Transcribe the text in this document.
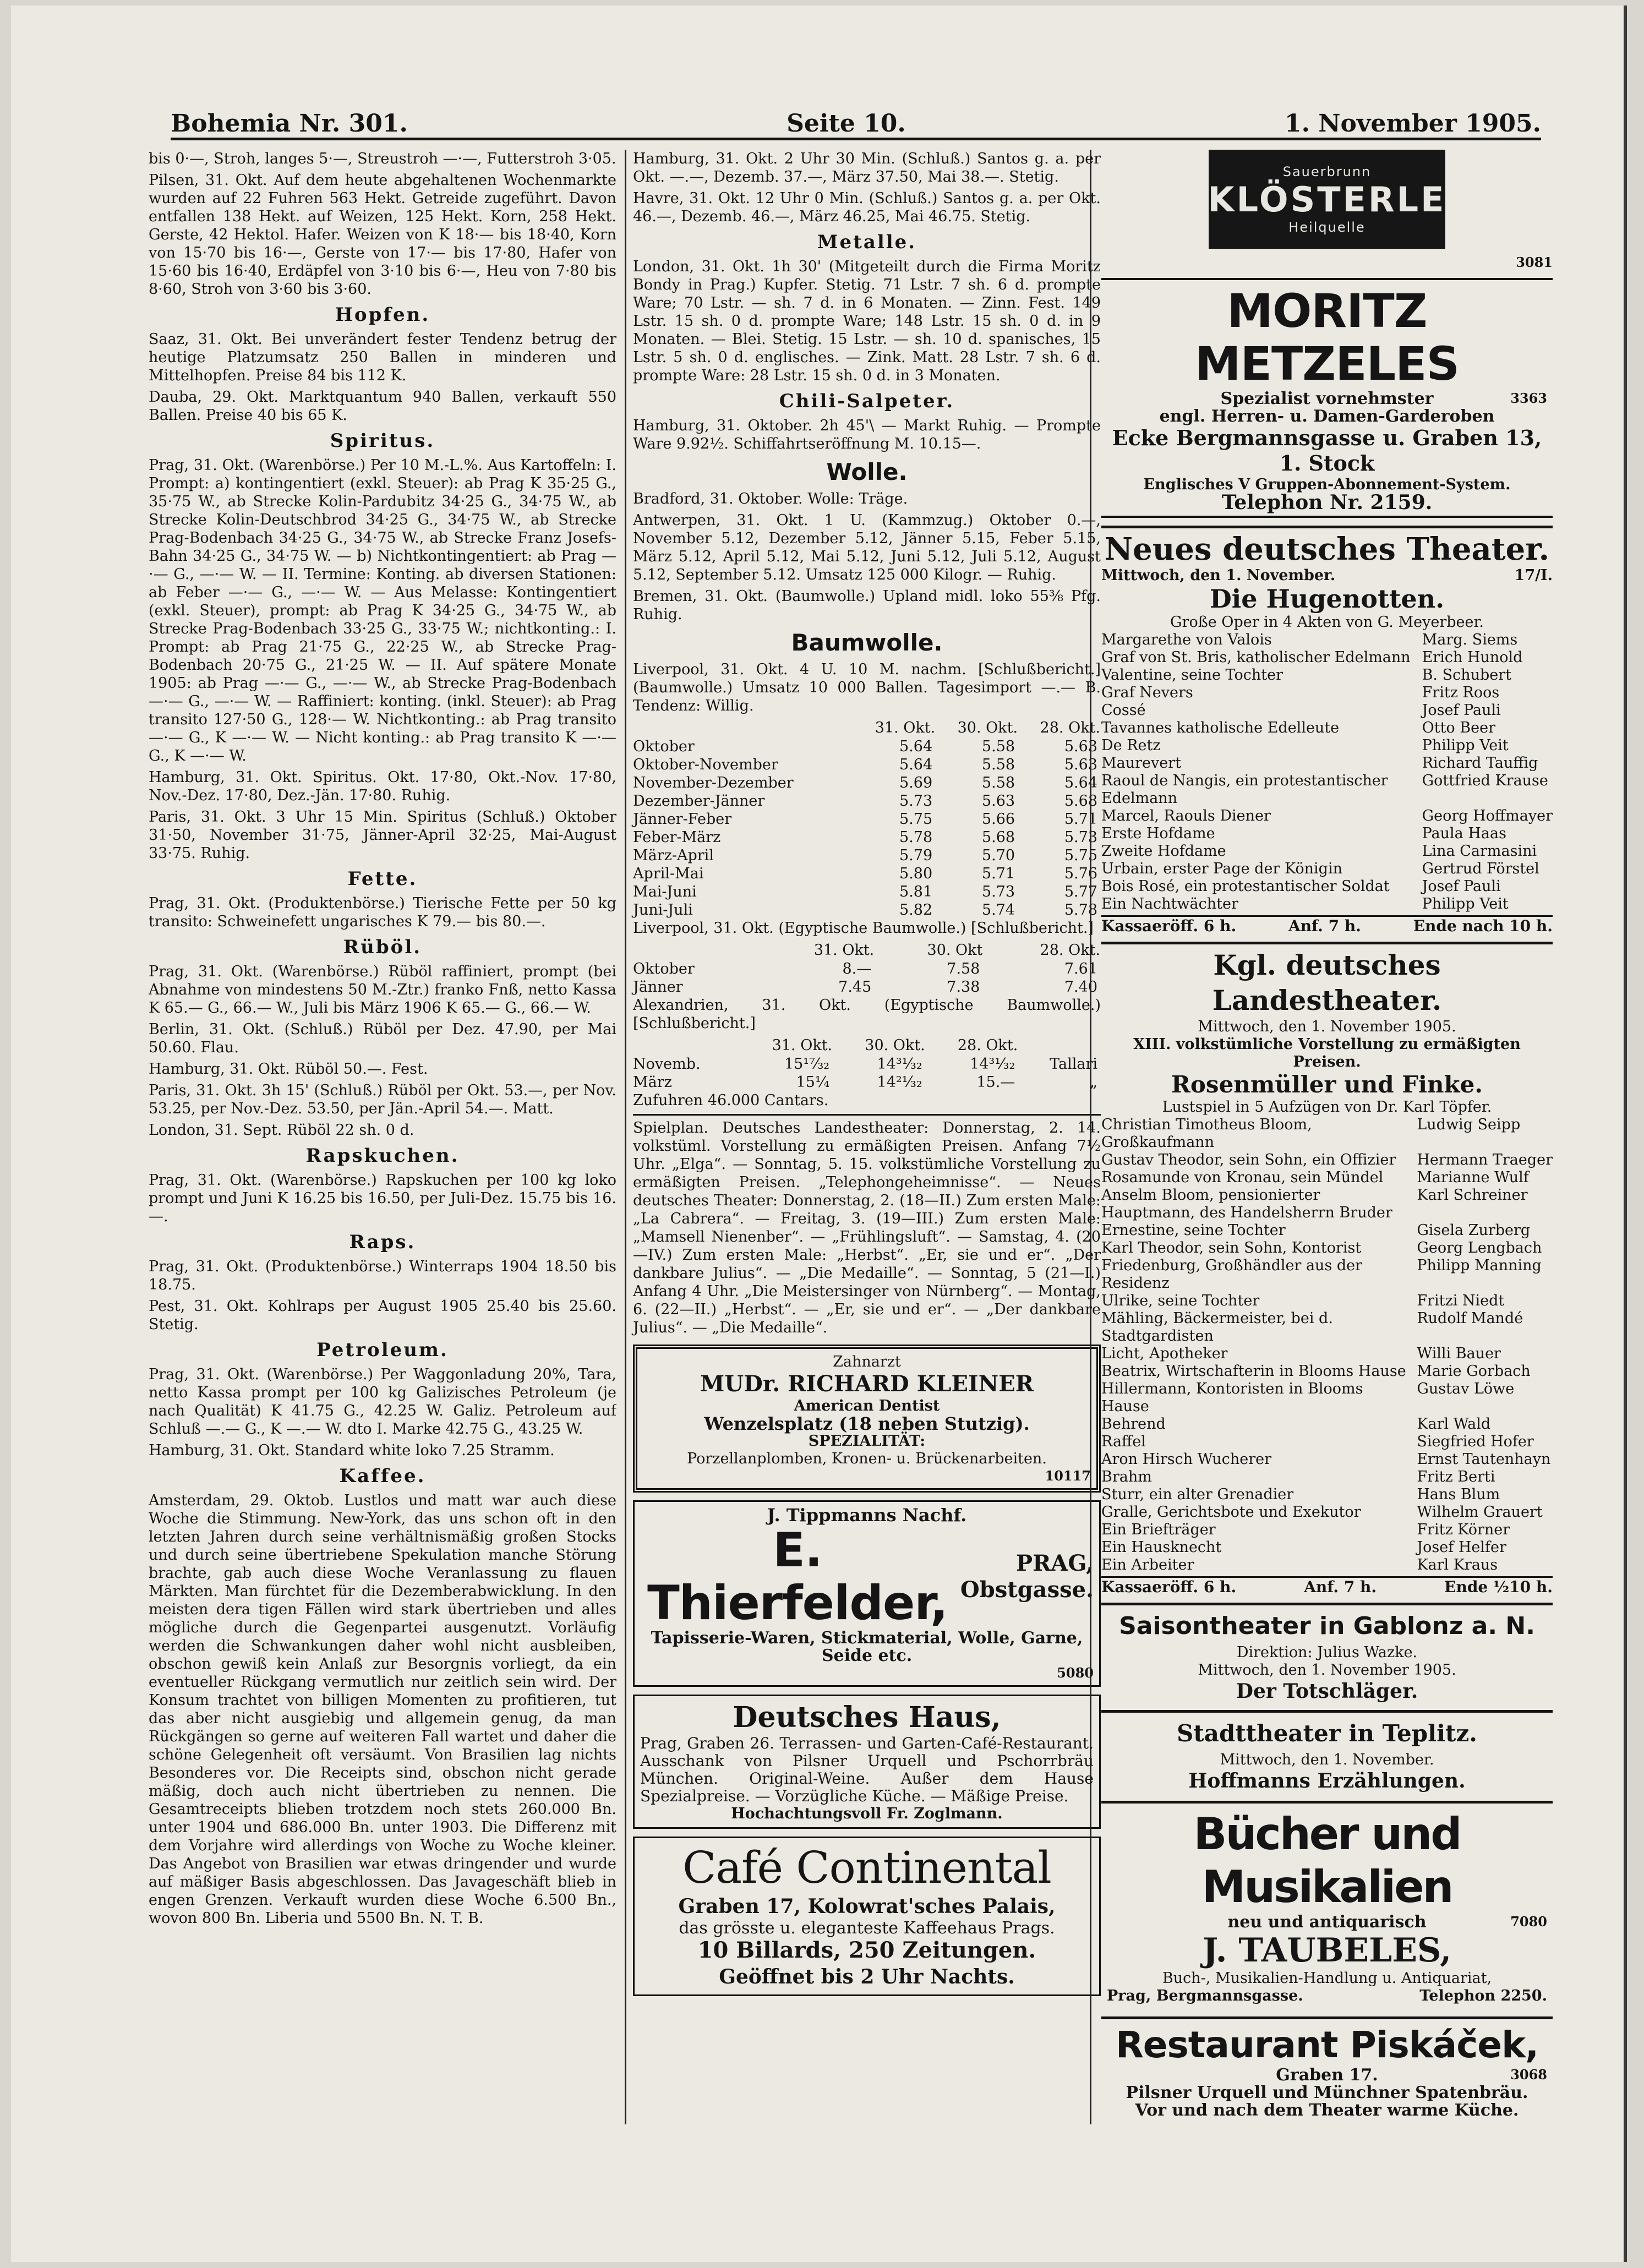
Bohemia Nr. 301.	Seite 10.	1. November 1905.

bis 0·—, Stroh, langes 5·—, Streustroh —·—, Futterstroh 3·05.

Pilsen, 31. Okt. Auf dem heute abgehaltenen Wochenmarkte wurden auf 22 Fuhren 563 Hekt. Getreide zugeführt. Davon entfallen 138 Hekt. auf Weizen, 125 Hekt. Korn, 258 Hekt. Gerste, 42 Hektol. Hafer. Weizen von K 18·— bis 18·40, Korn von 15·70 bis 16·—, Gerste von 17·— bis 17·80, Hafer von 15·60 bis 16·40, Erdäpfel von 3·10 bis 6·—, Heu von 7·80 bis 8·60, Stroh von 3·60 bis 3·60.

Hopfen.

Saaz, 31. Okt. Bei unverändert fester Tendenz betrug der heutige Platzumsatz 250 Ballen in minderen und Mittelhopfen. Preise 84 bis 112 K.

Dauba, 29. Okt. Marktquantum 940 Ballen, verkauft 550 Ballen. Preise 40 bis 65 K.

Spiritus.

Prag, 31. Okt. (Warenbörse.) Per 10 M.-L.%. Aus Kartoffeln: I. Prompt: a) kontingentiert (exkl. Steuer): ab Prag K 35·25 G., 35·75 W., ab Strecke Kolin-Pardubitz 34·25 G., 34·75 W., ab Strecke Kolin-Deutschbrod 34·25 G., 34·75 W., ab Strecke Prag-Bodenbach 34·25 G., 34·75 W., ab Strecke Franz Josefs-Bahn 34·25 G., 34·75 W. — b) Nichtkontingentiert: ab Prag —·— G., —·— W. — II. Termine: Konting. ab diversen Stationen: ab Feber —·— G., —·— W. — Aus Melasse: Kontingentiert (exkl. Steuer), prompt: ab Prag K 34·25 G., 34·75 W., ab Strecke Prag-Bodenbach 33·25 G., 33·75 W.; nichtkonting.: I. Prompt: ab Prag 21·75 G., 22·25 W., ab Strecke Prag-Bodenbach 20·75 G., 21·25 W. — II. Auf spätere Monate 1905: ab Prag —·— G., —·— W., ab Strecke Prag-Bodenbach —·— G., —·— W. — Raffiniert: konting. (inkl. Steuer): ab Prag transito 127·50 G., 128·— W. Nichtkonting.: ab Prag transito —·— G., K —·— W. — Nicht konting.: ab Prag transito K —·— G., K —·— W.

Hamburg, 31. Okt. Spiritus. Okt. 17·80, Okt.-Nov. 17·80, Nov.-Dez. 17·80, Dez.-Jän. 17·80. Ruhig.

Paris, 31. Okt. 3 Uhr 15 Min. Spiritus (Schluß.) Oktober 31·50, November 31·75, Jänner-April 32·25, Mai-August 33·75. Ruhig.

Fette.

Prag, 31. Okt. (Produktenbörse.) Tierische Fette per 50 kg transito: Schweinefett ungarisches K 79.— bis 80.—.

Rüböl.

Prag, 31. Okt. (Warenbörse.) Rüböl raffiniert, prompt (bei Abnahme von mindestens 50 M.-Ztr.) franko Fnß, netto Kassa K 65.— G., 66.— W., Juli bis März 1906 K 65.— G., 66.— W.

Berlin, 31. Okt. (Schluß.) Rüböl per Dez. 47.90, per Mai 50.60. Flau.

Hamburg, 31. Okt. Rüböl 50.—. Fest.

Paris, 31. Okt. 3h 15' (Schluß.) Rüböl per Okt. 53.—, per Nov. 53.25, per Nov.-Dez. 53.50, per Jän.-April 54.—. Matt.

London, 31. Sept. Rüböl 22 sh. 0 d.

Rapskuchen.

Prag, 31. Okt. (Warenbörse.) Rapskuchen per 100 kg loko prompt und Juni K 16.25 bis 16.50, per Juli-Dez. 15.75 bis 16.—.

Raps.

Prag, 31. Okt. (Produktenbörse.) Winterraps 1904 18.50 bis 18.75.

Pest, 31. Okt. Kohlraps per August 1905 25.40 bis 25.60. Stetig.

Petroleum.

Prag, 31. Okt. (Warenbörse.) Per Waggonladung 20%, Tara, netto Kassa prompt per 100 kg Galizisches Petroleum (je nach Qualität) K 41.75 G., 42.25 W. Galiz. Petroleum auf Schluß —.— G., K —.— W. dto I. Marke 42.75 G., 43.25 W.

Hamburg, 31. Okt. Standard white loko 7.25 Stramm.

Kaffee.

Amsterdam, 29. Oktob. Lustlos und matt war auch diese Woche die Stimmung. New-York, das uns schon oft in den letzten Jahren durch seine verhältnismäßig großen Stocks und durch seine übertriebene Spekulation manche Störung brachte, gab auch diese Woche Veranlassung zu flauen Märkten. Man fürchtet für die Dezemberabwicklung. In den meisten dera tigen Fällen wird stark übertrieben und alles mögliche durch die Gegenpartei ausgenutzt. Vorläufig werden die Schwankungen daher wohl nicht ausbleiben, obschon gewiß kein Anlaß zur Besorgnis vorliegt, da ein eventueller Rückgang vermutlich nur zeitlich sein wird. Der Konsum trachtet von billigen Momenten zu profitieren, tut das aber nicht ausgiebig und allgemein genug, da man Rückgängen so gerne auf weiteren Fall wartet und daher die schöne Gelegenheit oft versäumt. Von Brasilien lag nichts Besonderes vor. Die Receipts sind, obschon nicht gerade mäßig, doch auch nicht übertrieben zu nennen. Die Gesamtreceipts blieben trotzdem noch stets 260.000 Bn. unter 1904 und 686.000 Bn. unter 1903. Die Differenz mit dem Vorjahre wird allerdings von Woche zu Woche kleiner. Das Angebot von Brasilien war etwas dringender und wurde auf mäßiger Basis abgeschlossen. Das Javageschäft blieb in engen Grenzen. Verkauft wurden diese Woche 6.500 Bn., wovon 800 Bn. Liberia und 5500 Bn. N. T. B.

Hamburg, 31. Okt. 2 Uhr 30 Min. (Schluß.) Santos g. a. per Okt. —.—, Dezemb. 37.—, März 37.50, Mai 38.—. Stetig.

Havre, 31. Okt. 12 Uhr 0 Min. (Schluß.) Santos g. a. per Okt. 46.—, Dezemb. 46.—, März 46.25, Mai 46.75. Stetig.

Metalle.

London, 31. Okt. 1h 30' (Mitgeteilt durch die Firma Moritz Bondy in Prag.) Kupfer. Stetig. 71 Lstr. 7 sh. 6 d. prompte Ware; 70 Lstr. — sh. 7 d. in 6 Monaten. — Zinn. Fest. 149 Lstr. 15 sh. 0 d. prompte Ware; 148 Lstr. 15 sh. 0 d. in 9 Monaten. — Blei. Stetig. 15 Lstr. — sh. 10 d. spanisches, 15 Lstr. 5 sh. 0 d. englisches. — Zink. Matt. 28 Lstr. 7 sh. 6 d. prompte Ware: 28 Lstr. 15 sh. 0 d. in 3 Monaten.

Chili-Salpeter.

Hamburg, 31. Oktober. 2h 45'\ — Markt Ruhig. — Prompte Ware 9.92½. Schiffahrtseröffnung M. 10.15—.

Wolle.

Bradford, 31. Oktober. Wolle: Träge.

Antwerpen, 31. Okt. 1 U. (Kammzug.) Oktober 0.—, November 5.12, Dezember 5.12, Jänner 5.15, Feber 5.15, März 5.12, April 5.12, Mai 5.12, Juni 5.12, Juli 5.12, August 5.12, September 5.12. Umsatz 125 000 Kilogr. — Ruhig.

Bremen, 31. Okt. (Baumwolle.) Upland midl. loko 55⅜ Pfg. Ruhig.

Baumwolle.

Liverpool, 31. Okt. 4 U. 10 M. nachm. [Schlußbericht.] (Baumwolle.) Umsatz 10 000 Ballen. Tagesimport —.— B. Tendenz: Willig.

	31. Okt.	30. Okt.	28. Okt.
Oktober	5.64	5.58	5.63
Oktober-November	5.64	5.58	5.63
November-Dezember	5.69	5.58	5.64
Dezember-Jänner	5.73	5.63	5.68
Jänner-Feber	5.75	5.66	5.71
Feber-März	5.78	5.68	5.73
März-April	5.79	5.70	5.75
April-Mai	5.80	5.71	5.76
Mai-Juni	5.81	5.73	5.77
Juni-Juli	5.82	5.74	5.78

Liverpool, 31. Okt. (Egyptische Baumwolle.) [Schlußbericht.]

	31. Okt.	30. Okt	28. Okt.
Oktober	8.—	7.58	7.61
Jänner	7.45	7.38	7.40

Alexandrien, 31. Okt. (Egyptische Baumwolle.) [Schlußbericht.]

	31. Okt.	30. Okt.	28. Okt.	
Novemb.	15¹⁷⁄₃₂	14³¹⁄₃₂	14³¹⁄₃₂	Tallari
März	15¼	14²¹⁄₃₂	15.—	„

Zufuhren 46.000 Cantars.

Spielplan. Deutsches Landestheater: Donnerstag, 2. 14. volkstüml. Vorstellung zu ermäßigten Preisen. Anfang 7½ Uhr. „Elga“. — Sonntag, 5. 15. volkstümliche Vorstellung zu ermäßigten Preisen. „Telephongeheimnisse“. — Neues deutsches Theater: Donnerstag, 2. (18—II.) Zum ersten Male: „La Cabrera“. — Freitag, 3. (19—III.) Zum ersten Male: „Mamsell Nienenber“. — „Frühlingsluft“. — Samstag, 4. (20—IV.) Zum ersten Male: „Herbst“. „Er, sie und er“. „Der dankbare Julius“. — „Die Medaille“. — Sonntag, 5 (21—I.) Anfang 4 Uhr. „Die Meistersinger von Nürnberg“. — Montag, 6. (22—II.) „Herbst“. — „Er, sie und er“. — „Der dankbare Julius“. — „Die Medaille“.

Zahnarzt
MUDr. RICHARD KLEINER
American Dentist
Wenzelsplatz (18 neben Stutzig).
SPEZIALITÄT:
Porzellanplomben, Kronen- u. Brückenarbeiten.
10117
J. Tippmanns Nachf.
E. Thierfelder,
PRAG,
Obstgasse.
Tapisserie-Waren, Stickmaterial, Wolle, Garne, Seide etc.
5080
Deutsches Haus,
Prag, Graben 26. Terrassen- und Garten-Café-Restaurant. Ausschank von Pilsner Urquell und Pschorrbräu München. Original-Weine. Außer dem Hause Spezialpreise. — Vorzügliche Küche. — Mäßige Preise.
Hochachtungsvoll Fr. Zoglmann.
Café Continental
Graben 17, Kolowrat'sches Palais,
das grösste u. eleganteste Kaffeehaus Prags.
10 Billards, 250 Zeitungen.
Geöffnet bis 2 Uhr Nachts.
Sauerbrunn
KLÖSTERLE
Heilquelle
3081
MORITZ METZELES
Spezialist vornehmster	3363
engl. Herren- u. Damen-Garderoben
Ecke Bergmannsgasse u. Graben 13, 1. Stock
Englisches V Gruppen-Abonnement-System.
Telephon Nr. 2159.
Neues deutsches Theater.
Mittwoch, den 1. November.	17/I.
Die Hugenotten.
Große Oper in 4 Akten von G. Meyerbeer.
Margarethe von Valois	Marg. Siems
Graf von St. Bris, katholischer Edelmann	Erich Hunold
Valentine, seine Tochter	B. Schubert
Graf Nevers	Fritz Roos
Cossé	Josef Pauli
Tavannes katholische Edelleute	Otto Beer
De Retz	Philipp Veit
Maurevert	Richard Tauffig
Raoul de Nangis, ein protestantischer Edelmann	Gottfried Krause
Marcel, Raouls Diener	Georg Hoffmayer
Erste Hofdame	Paula Haas
Zweite Hofdame	Lina Carmasini
Urbain, erster Page der Königin	Gertrud Förstel
Bois Rosé, ein protestantischer Soldat	Josef Pauli
Ein Nachtwächter	Philipp Veit
Kassaeröff. 6 h.	Anf. 7 h.	Ende nach 10 h.
Kgl. deutsches Landestheater.
Mittwoch, den 1. November 1905.
XIII. volkstümliche Vorstellung zu ermäßigten Preisen.
Rosenmüller und Finke.
Lustspiel in 5 Aufzügen von Dr. Karl Töpfer.
Christian Timotheus Bloom, Großkaufmann	Ludwig Seipp
Gustav Theodor, sein Sohn, ein Offizier	Hermann Traeger
Rosamunde von Kronau, sein Mündel	Marianne Wulf
Anselm Bloom, pensionierter Hauptmann, des Handelsherrn Bruder	Karl Schreiner
Ernestine, seine Tochter	Gisela Zurberg
Karl Theodor, sein Sohn, Kontorist	Georg Lengbach
Friedenburg, Großhändler aus der Residenz	Philipp Manning
Ulrike, seine Tochter	Fritzi Niedt
Mähling, Bäckermeister, bei d. Stadtgardisten	Rudolf Mandé
Licht, Apotheker	Willi Bauer
Beatrix, Wirtschafterin in Blooms Hause	Marie Gorbach
Hillermann, Kontoristen in Blooms Hause	Gustav Löwe
Behrend	Karl Wald
Raffel	Siegfried Hofer
Aron Hirsch Wucherer	Ernst Tautenhayn
Brahm	Fritz Berti
Sturr, ein alter Grenadier	Hans Blum
Gralle, Gerichtsbote und Exekutor	Wilhelm Grauert
Ein Briefträger	Fritz Körner
Ein Hausknecht	Josef Helfer
Ein Arbeiter	Karl Kraus
Kassaeröff. 6 h.	Anf. 7 h.	Ende ½10 h.
Saisontheater in Gablonz a. N.
Direktion: Julius Wazke.
Mittwoch, den 1. November 1905.
Der Totschläger.
Stadttheater in Teplitz.
Mittwoch, den 1. November.
Hoffmanns Erzählungen.
Bücher und Musikalien
neu und antiquarisch	7080
J. TAUBELES,
Buch-, Musikalien-Handlung u. Antiquariat,
Prag, Bergmannsgasse.	Telephon 2250.
Restaurant Piskáček,
Graben 17.	3068
Pilsner Urquell und Münchner Spatenbräu.
Vor und nach dem Theater warme Küche.
